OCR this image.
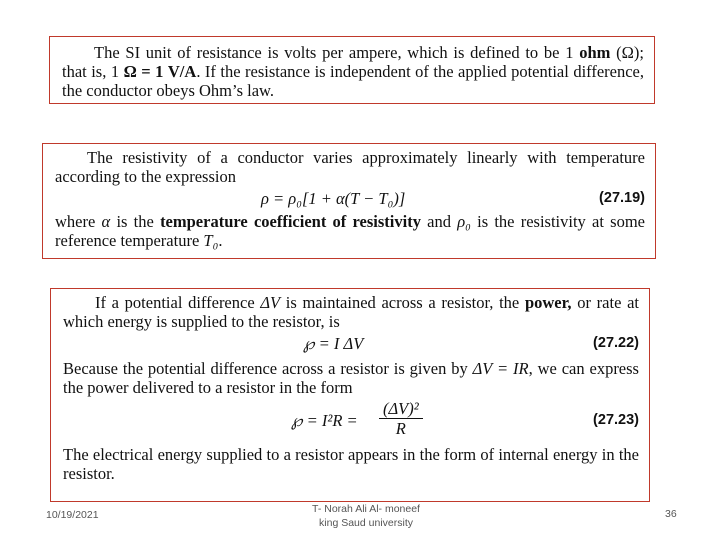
The SI unit of resistance is volts per ampere, which is defined to be 1 ohm (Ω); that is, 1 Ω = 1 V/A. If the resistance is independent of the applied potential difference, the conductor obeys Ohm’s law.

The resistivity of a conductor varies approximately linearly with temperature according to the expression

ρ = ρ₀[1 + α(T − T₀)]	(27.19)

where α is the temperature coefficient of resistivity and ρ₀ is the resistivity at some reference temperature T₀.

If a potential difference ΔV is maintained across a resistor, the power, or rate at which energy is supplied to the resistor, is

℘ = I ΔV	(27.22)

Because the potential difference across a resistor is given by ΔV = IR, we can express the power delivered to a resistor in the form

℘ = $I^2R = \frac{\text{(ΔV)²}}{R}$	(27.23)

The electrical energy supplied to a resistor appears in the form of internal energy in the resistor.

10/19/2021	T- Norah Ali Al- moneef
king Saud university
36
